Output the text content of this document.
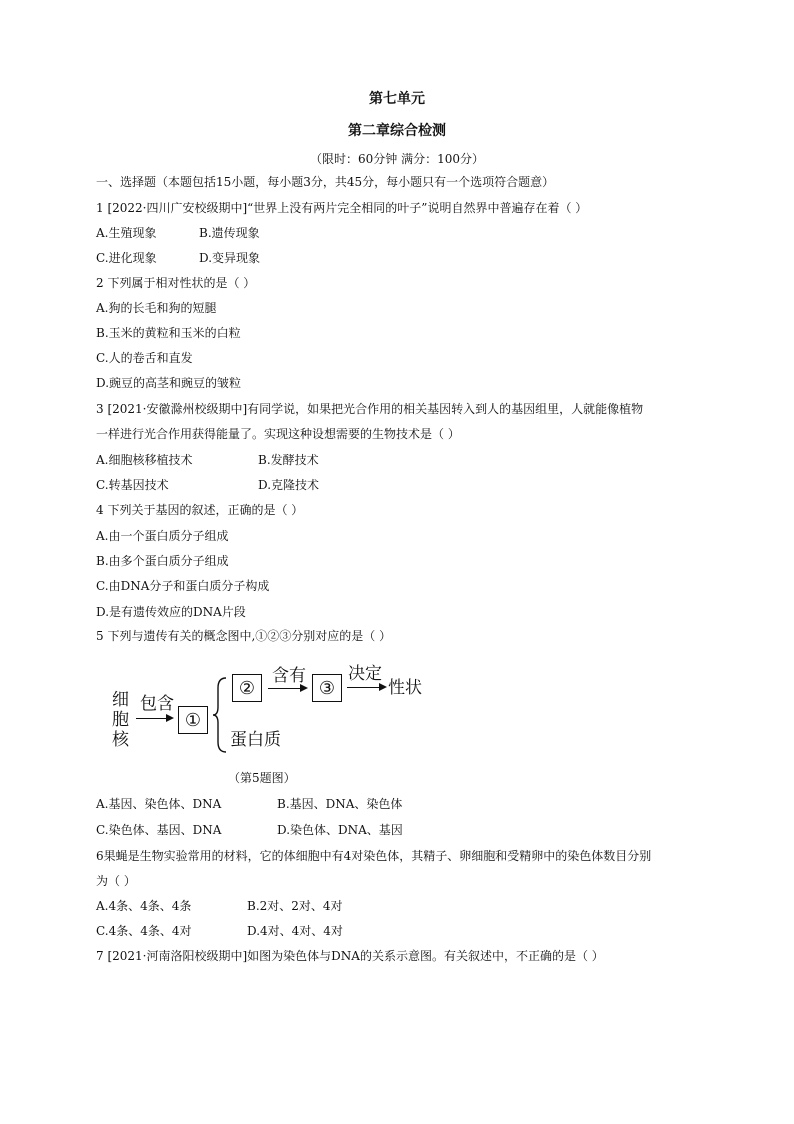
第七单元
第二章综合检测
（限时：60分钟 满分：100分）
一、选择题（本题包括15小题，每小题3分，共45分，每小题只有一个选项符合题意）
1 [2022·四川广安校级期中]“世界上没有两片完全相同的叶子”说明自然界中普遍存在着（ ）
A.生殖现象	B.遗传现象
C.进化现象	D.变异现象
2 下列属于相对性状的是（ ）
A.狗的长毛和狗的短腿
B.玉米的黄粒和玉米的白粒
C.人的卷舌和直发
D.豌豆的高茎和豌豆的皱粒
3 [2021·安徽滁州校级期中]有同学说，如果把光合作用的相关基因转入到人的基因组里，人就能像植物
一样进行光合作用获得能量了。实现这种设想需要的生物技术是（ ）
A.细胞核移植技术	B.发酵技术
C.转基因技术	D.克隆技术
4 下列关于基因的叙述，正确的是（ ）
A.由一个蛋白质分子组成
B.由多个蛋白质分子组成
C.由DNA分子和蛋白质分子构成
D.是有遗传效应的DNA片段
5 下列与遗传有关的概念图中,①②③分别对应的是（ ）
细
胞
核
包含
①
②
含有
③
决定
性状
蛋白质
（第5题图）
A.基因、染色体、DNA	B.基因、DNA、染色体
C.染色体、基因、DNA	D.染色体、DNA、基因
6果蝇是生物实验常用的材料，它的体细胞中有4对染色体，其精子、卵细胞和受精卵中的染色体数目分别
为（ ）
A.4条、4条、4条	B.2对、2对、4对
C.4条、4条、4对	D.4对、4对、4对
7 [2021·河南洛阳校级期中]如图为染色体与DNA的关系示意图。有关叙述中，不正确的是（ ）
